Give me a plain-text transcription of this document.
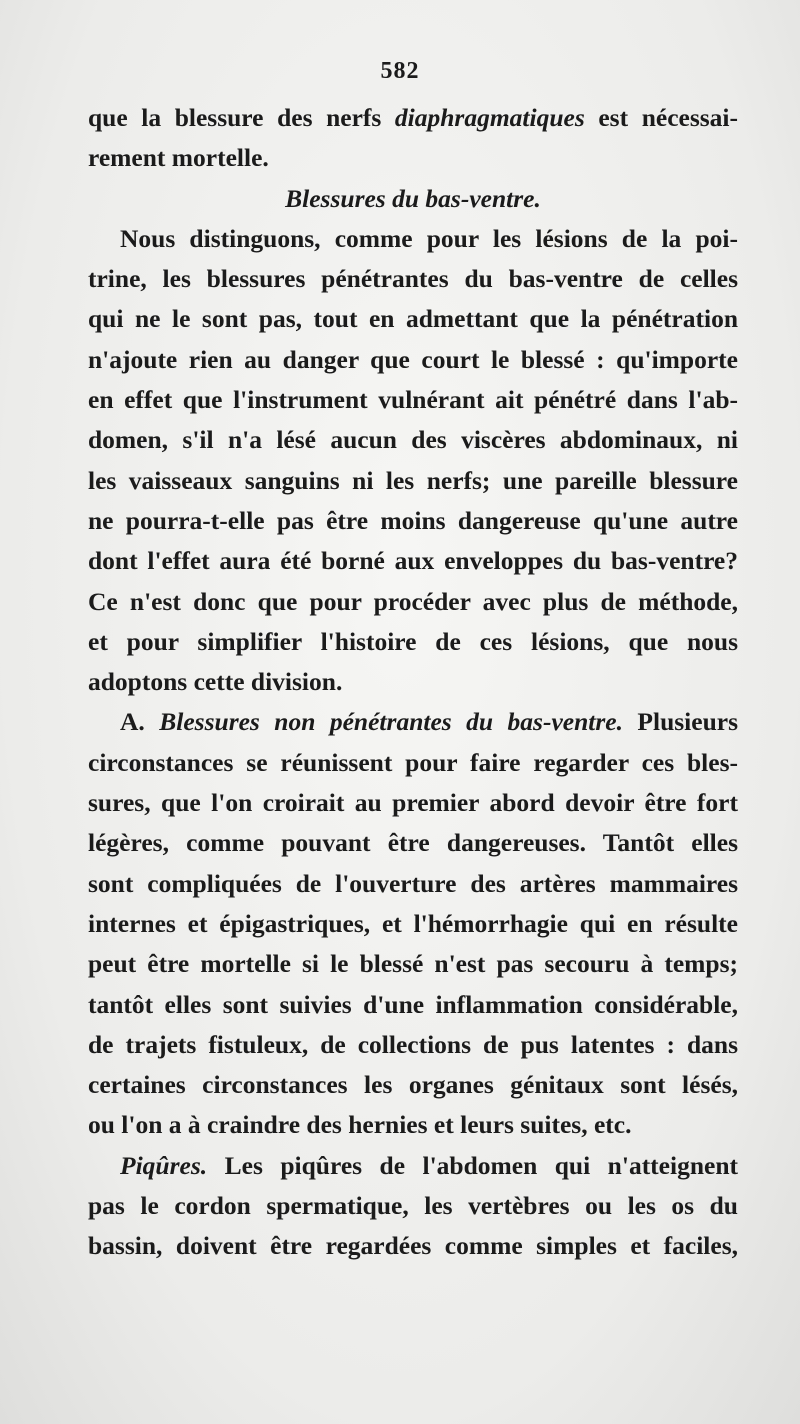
582
que la blessure des nerfs diaphragmatiques est nécessai-
rement mortelle.
Blessures du bas-ventre.
Nous distinguons, comme pour les lésions de la poi-
trine, les blessures pénétrantes du bas-ventre de celles
qui ne le sont pas, tout en admettant que la pénétration
n'ajoute rien au danger que court le blessé : qu'importe
en effet que l'instrument vulnérant ait pénétré dans l'ab-
domen, s'il n'a lésé aucun des viscères abdominaux, ni
les vaisseaux sanguins ni les nerfs; une pareille blessure
ne pourra-t-elle pas être moins dangereuse qu'une autre
dont l'effet aura été borné aux enveloppes du bas-ventre?
Ce n'est donc que pour procéder avec plus de méthode,
et pour simplifier l'histoire de ces lésions, que nous
adoptons cette division.
A. Blessures non pénétrantes du bas-ventre. Plusieurs
circonstances se réunissent pour faire regarder ces bles-
sures, que l'on croirait au premier abord devoir être fort
légères, comme pouvant être dangereuses. Tantôt elles
sont compliquées de l'ouverture des artères mammaires
internes et épigastriques, et l'hémorrhagie qui en résulte
peut être mortelle si le blessé n'est pas secouru à temps;
tantôt elles sont suivies d'une inflammation considérable,
de trajets fistuleux, de collections de pus latentes : dans
certaines circonstances les organes génitaux sont lésés,
ou l'on a à craindre des hernies et leurs suites, etc.
Piqûres. Les piqûres de l'abdomen qui n'atteignent
pas le cordon spermatique, les vertèbres ou les os du
bassin, doivent être regardées comme simples et faciles,
